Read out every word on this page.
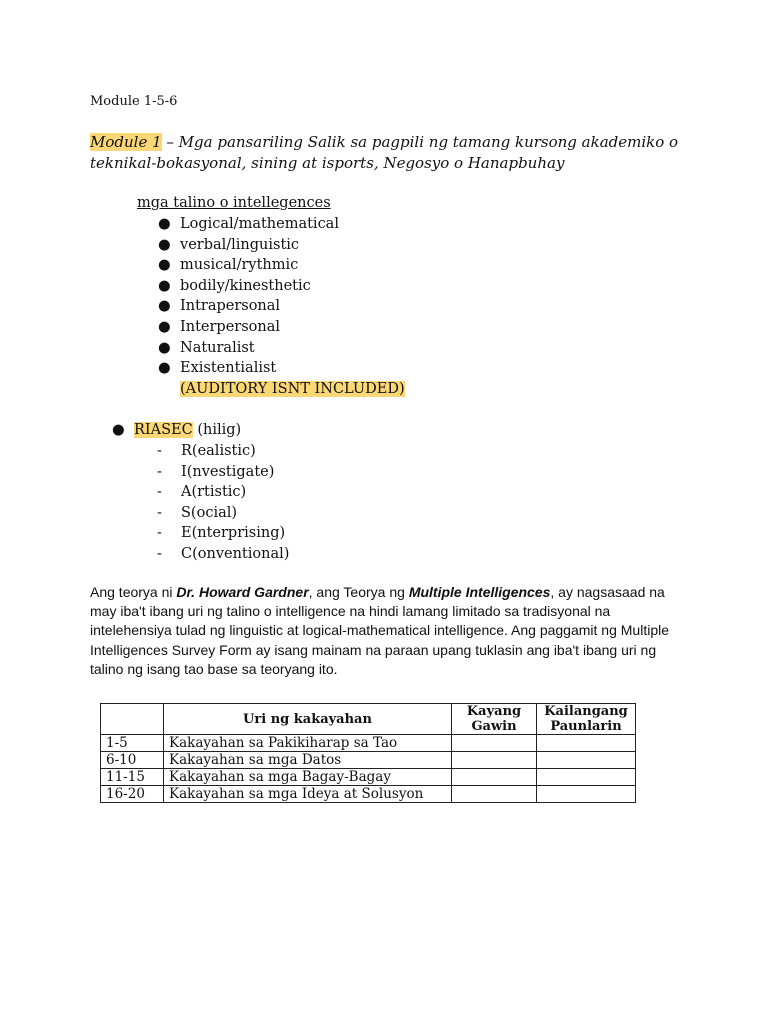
Module 1-5-6
Module 1 – Mga pansariling Salik sa pagpili ng tamang kursong akademiko o
teknikal-bokasyonal, sining at isports, Negosyo o Hanapbuhay
mga talino o intellegences
● Logical/mathematical
● verbal/linguistic
● musical/rythmic
● bodily/kinesthetic
● Intrapersonal
● Interpersonal
● Naturalist
● Existentialist
(AUDITORY ISNT INCLUDED)
● RIASEC (hilig)
- R(ealistic)
- I(nvestigate)
- A(rtistic)
- S(ocial)
- E(nterprising)
- C(onventional)
Ang teorya ni Dr. Howard Gardner, ang Teorya ng Multiple Intelligences, ay nagsasaad na may iba't ibang uri ng talino o intelligence na hindi lamang limitado sa tradisyonal na intelehensiya tulad ng linguistic at logical-mathematical intelligence. Ang paggamit ng Multiple Intelligences Survey Form ay isang mainam na paraan upang tuklasin ang iba't ibang uri ng talino ng isang tao base sa teoryang ito.
	Uri ng kakayahan	Kayang Gawin	Kailangang Paunlarin
1-5	Kakayahan sa Pakikiharap sa Tao		
6-10	Kakayahan sa mga Datos		
11-15	Kakayahan sa mga Bagay-Bagay		
16-20	Kakayahan sa mga Ideya at Solusyon		
